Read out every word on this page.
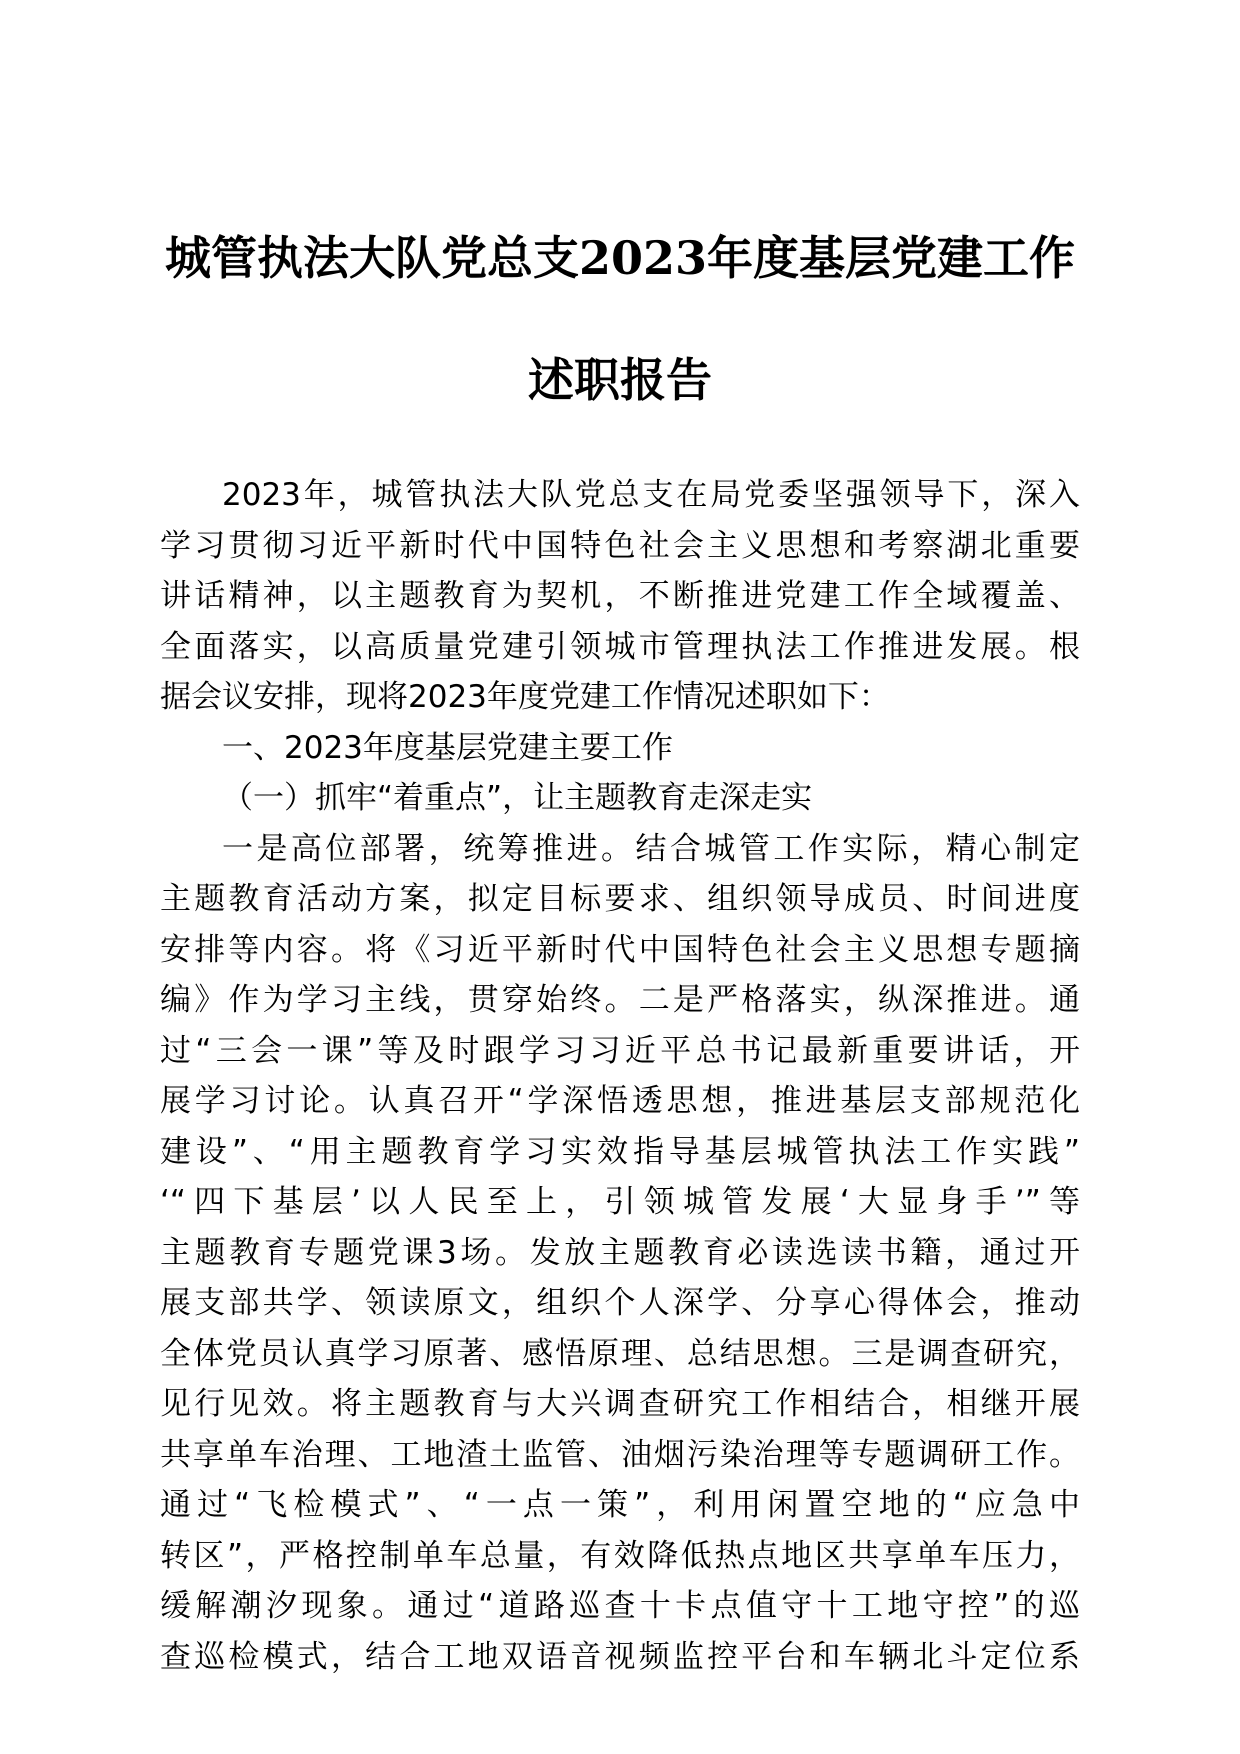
城管执法大队党总支2023年度基层党建工作
述职报告
2023年，城管执法大队党总支在局党委坚强领导下，深入
学习贯彻习近平新时代中国特色社会主义思想和考察湖北重要
讲话精神，以主题教育为契机，不断推进党建工作全域覆盖、
全面落实，以高质量党建引领城市管理执法工作推进发展。根
据会议安排，现将2023年度党建工作情况述职如下：
一、2023年度基层党建主要工作
（一）抓牢“着重点”，让主题教育走深走实
一是高位部署，统筹推进。结合城管工作实际，精心制定
主题教育活动方案，拟定目标要求、组织领导成员、时间进度
安排等内容。将《习近平新时代中国特色社会主义思想专题摘
编》作为学习主线，贯穿始终。二是严格落实，纵深推进。通
过“三会一课”等及时跟学习习近平总书记最新重要讲话，开
展学习讨论。认真召开“学深悟透思想，推进基层支部规范化
建设”、“用主题教育学习实效指导基层城管执法工作实践”
‘“四下基层’以人民至上，引领城管发展‘大显身手’”等
主题教育专题党课3场。发放主题教育必读选读书籍，通过开
展支部共学、领读原文，组织个人深学、分享心得体会，推动
全体党员认真学习原著、感悟原理、总结思想。三是调查研究，
见行见效。将主题教育与大兴调查研究工作相结合，相继开展
共享单车治理、工地渣土监管、油烟污染治理等专题调研工作。
通过“飞检模式”、“一点一策”，利用闲置空地的“应急中
转区”，严格控制单车总量，有效降低热点地区共享单车压力，
缓解潮汐现象。通过“道路巡查十卡点值守十工地守控”的巡
查巡检模式，结合工地双语音视频监控平台和车辆北斗定位系
